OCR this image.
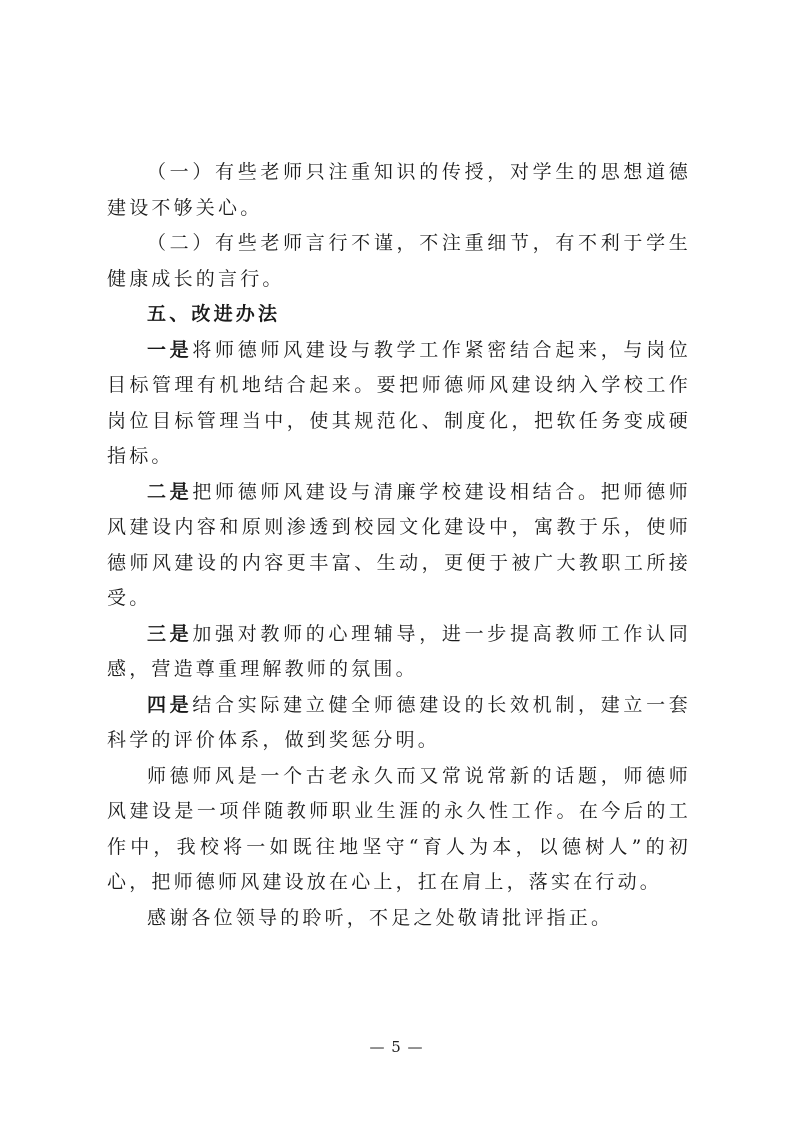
（一）有些老师只注重知识的传授，对学生的思想道德建设不够关心。

（二）有些老师言行不谨，不注重细节，有不利于学生健康成长的言行。

五、改进办法

一是将师德师风建设与教学工作紧密结合起来，与岗位目标管理有机地结合起来。要把师德师风建设纳入学校工作岗位目标管理当中，使其规范化、制度化，把软任务变成硬指标。

二是把师德师风建设与清廉学校建设相结合。把师德师风建设内容和原则渗透到校园文化建设中，寓教于乐，使师德师风建设的内容更丰富、生动，更便于被广大教职工所接受。

三是加强对教师的心理辅导，进一步提高教师工作认同感，营造尊重理解教师的氛围。

四是结合实际建立健全师德建设的长效机制，建立一套科学的评价体系，做到奖惩分明。

师德师风是一个古老永久而又常说常新的话题，师德师风建设是一项伴随教师职业生涯的永久性工作。在今后的工作中，我校将一如既往地坚守“育人为本，以德树人”的初心，把师德师风建设放在心上，扛在肩上，落实在行动。

感谢各位领导的聆听，不足之处敬请批评指正。

— 5 —
